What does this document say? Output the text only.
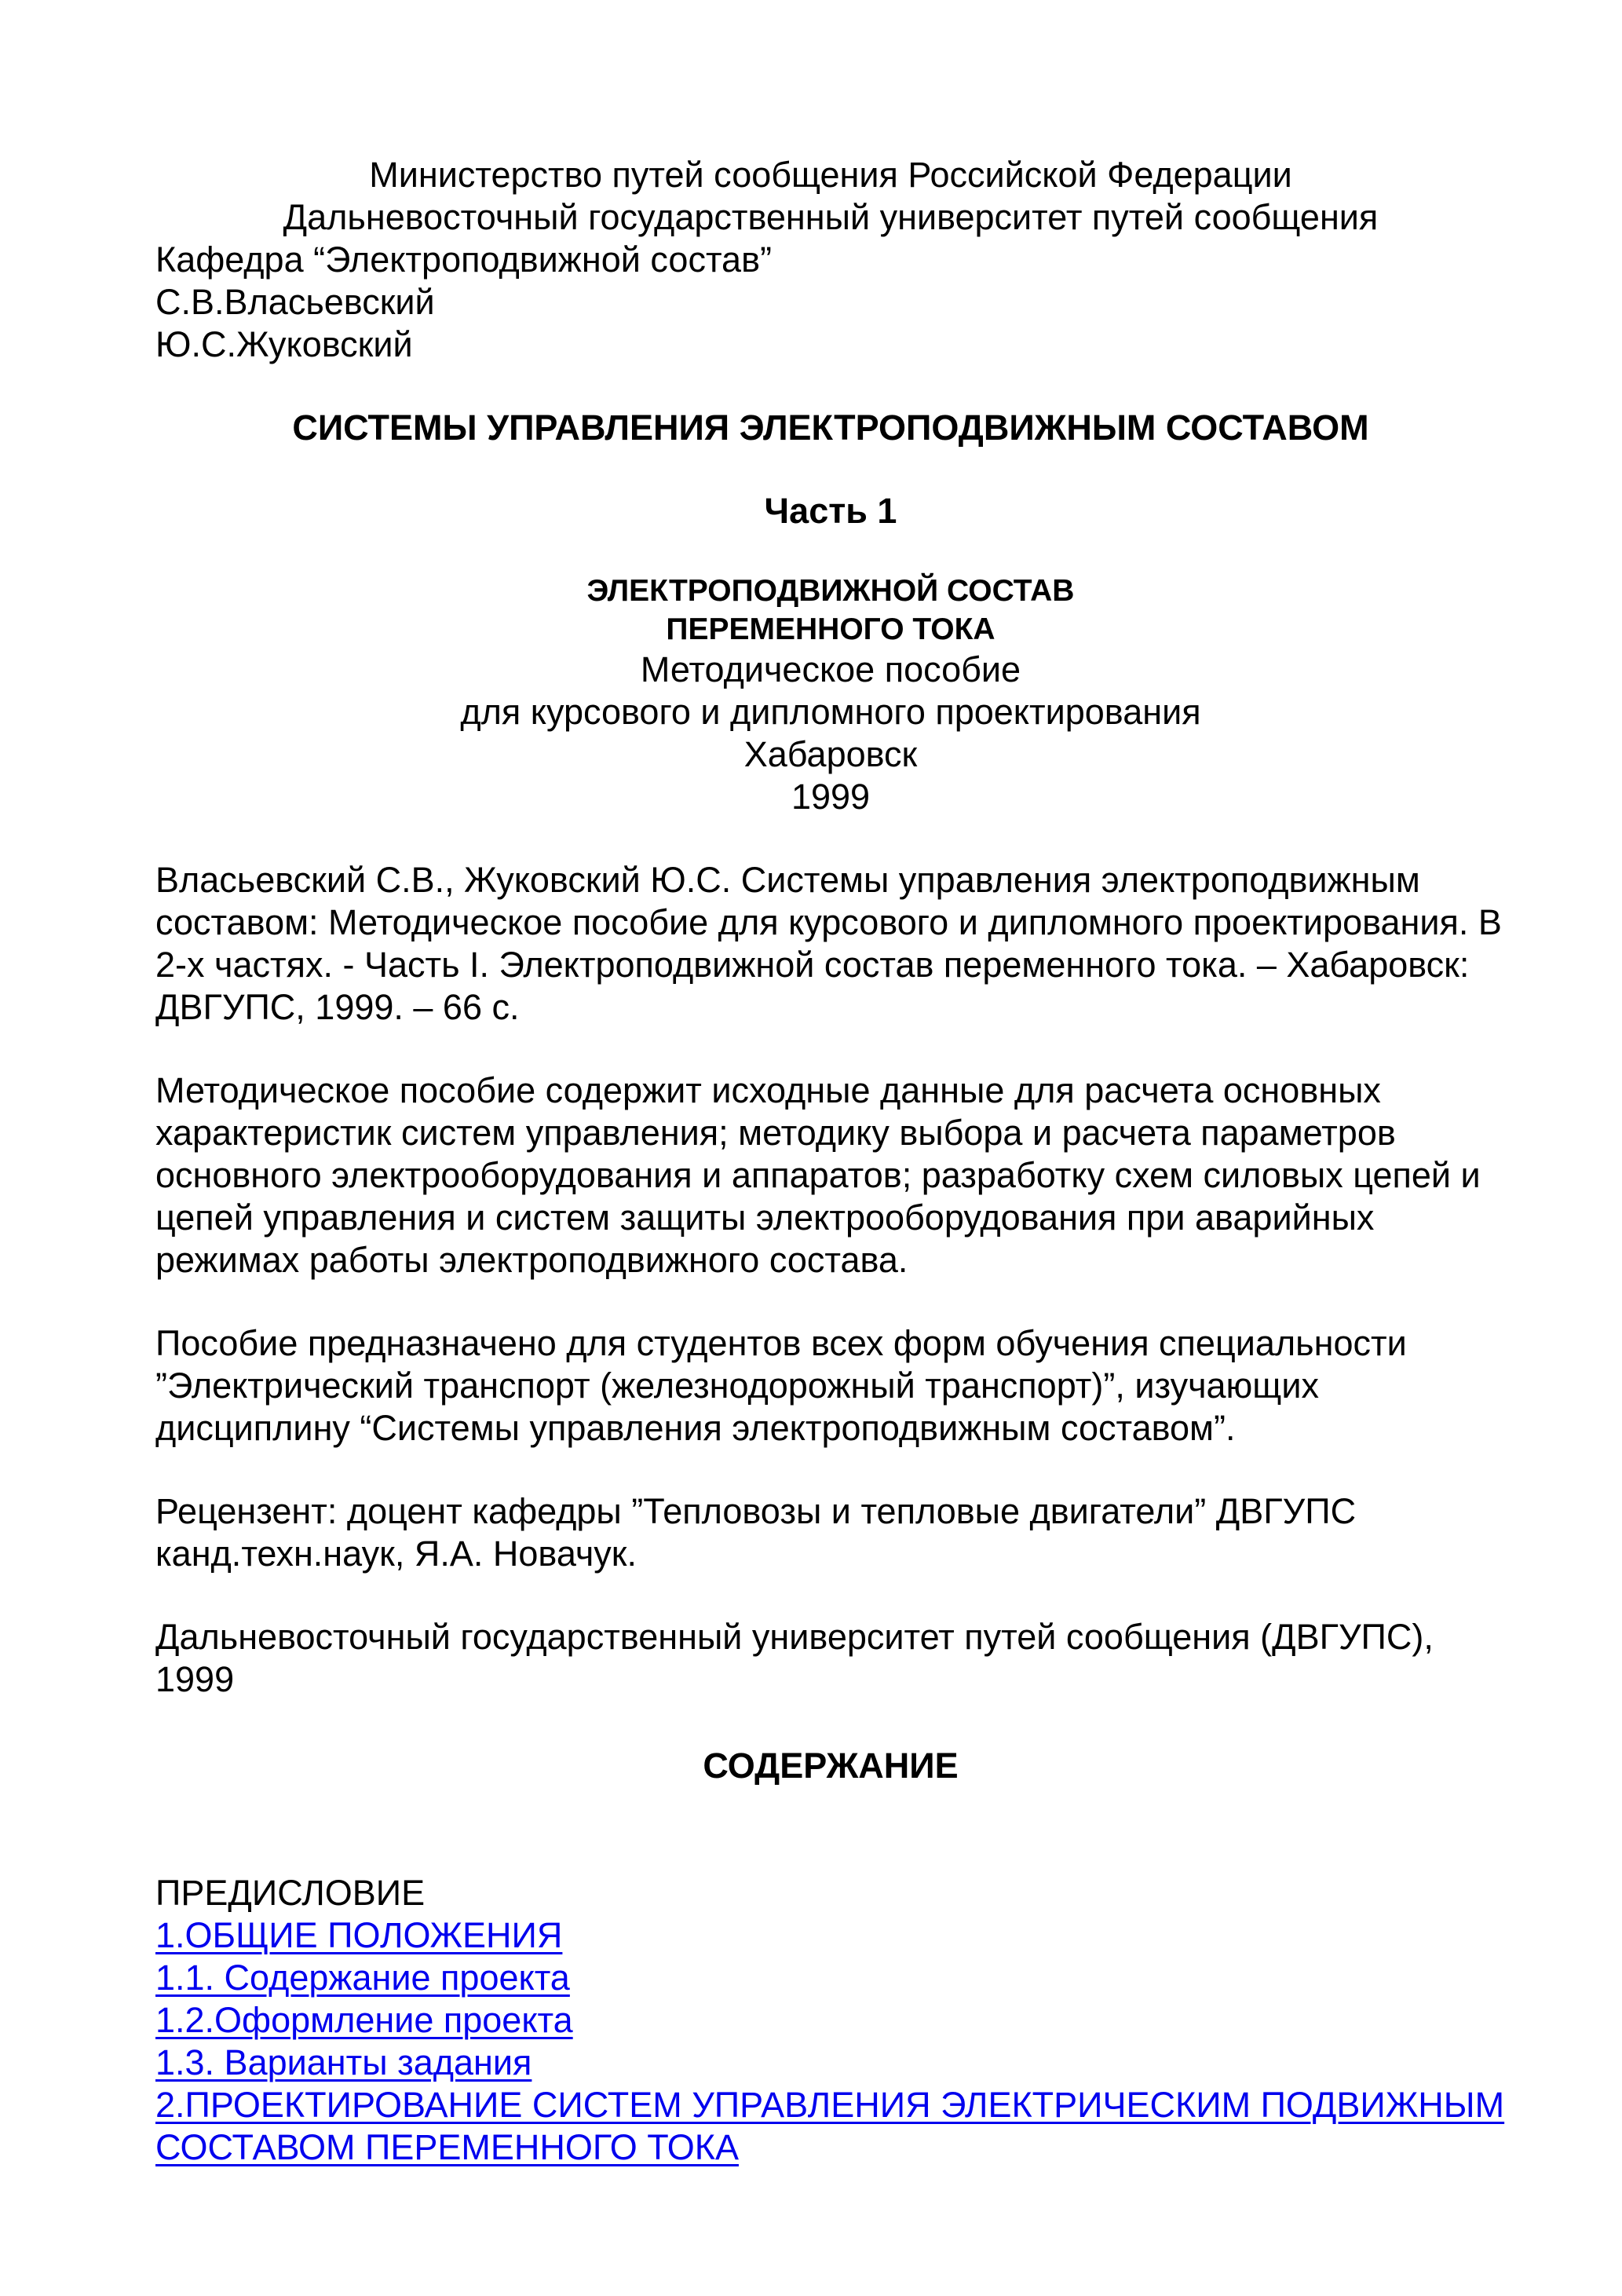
Министерство путей сообщения Российской Федерации
Дальневосточный государственный университет путей сообщения
Кафедра “Электроподвижной состав”
С.В.Власьевский
Ю.С.Жуковский
СИСТЕМЫ УПРАВЛЕНИЯ ЭЛЕКТРОПОДВИЖНЫМ СОСТАВОМ
Часть 1
ЭЛЕКТРОПОДВИЖНОЙ СОСТАВ
ПЕРЕМЕННОГО ТОКА
Методическое пособие
для курсового и дипломного проектирования
Хабаровск
1999
Власьевский С.В., Жуковский Ю.С. Системы управления электроподвижным составом: Методическое пособие для курсового и дипломного проектирования. В 2-х частях. - Часть I. Электроподвижной состав переменного тока. – Хабаровск: ДВГУПС, 1999. – 66 с.
Методическое пособие содержит исходные данные для расчета основных характеристик систем управления; методику выбора и расчета параметров основного электрооборудования и аппаратов; разработку схем силовых цепей и цепей управления и систем защиты электрооборудования при аварийных режимах работы электроподвижного состава.
Пособие предназначено для студентов всех форм обучения специальности ”Электрический транспорт (железнодорожный транспорт)”, изучающих дисциплину “Системы управления электроподвижным составом”.
Рецензент: доцент кафедры ”Тепловозы и тепловые двигатели” ДВГУПС канд.техн.наук, Я.А. Новачук.
Дальневосточный государственный университет путей сообщения (ДВГУПС), 1999
СОДЕРЖАНИЕ
ПРЕДИСЛОВИЕ
1.ОБЩИЕ ПОЛОЖЕНИЯ
1.1. Содержание проекта
1.2.Оформление проекта
1.3. Варианты задания
2.ПРОЕКТИРОВАНИЕ СИСТЕМ УПРАВЛЕНИЯ ЭЛЕКТРИЧЕСКИМ ПОДВИЖНЫМ СОСТАВОМ ПЕРЕМЕННОГО ТОКА
